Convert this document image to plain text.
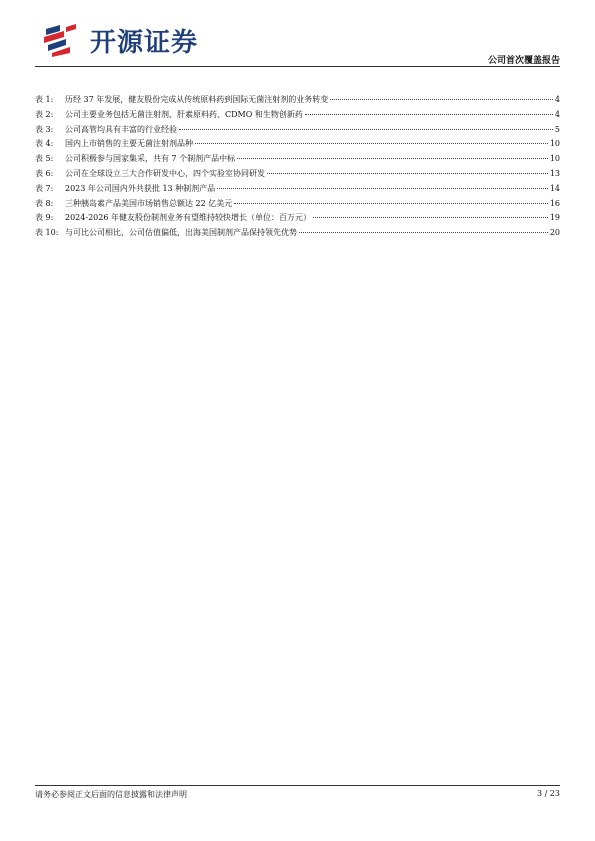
开源证券
公司首次覆盖报告
表 1:	历经 37 年发展，健友股份完成从传统原料药到国际无菌注射剂的业务转变	4
表 2:	公司主要业务包括无菌注射剂、肝素原料药、CDMO 和生物创新药	4
表 3:	公司高管均具有丰富的行业经验	5
表 4:	国内上市销售的主要无菌注射剂品种	10
表 5:	公司积极参与国家集采，共有 7 个制剂产品中标	10
表 6:	公司在全球设立三大合作研发中心，四个实验室协同研发	13
表 7:	2023 年公司国内外共获批 13 种制剂产品	14
表 8:	三种胰岛素产品美国市场销售总额达 22 亿美元	16
表 9:	2024-2026 年健友股份制剂业务有望维持较快增长（单位：百万元）	19
表 10: 与可比公司相比，公司估值偏低，出海美国制剂产品保持领先优势	20
请务必参阅正文后面的信息披露和法律声明	3 / 23
